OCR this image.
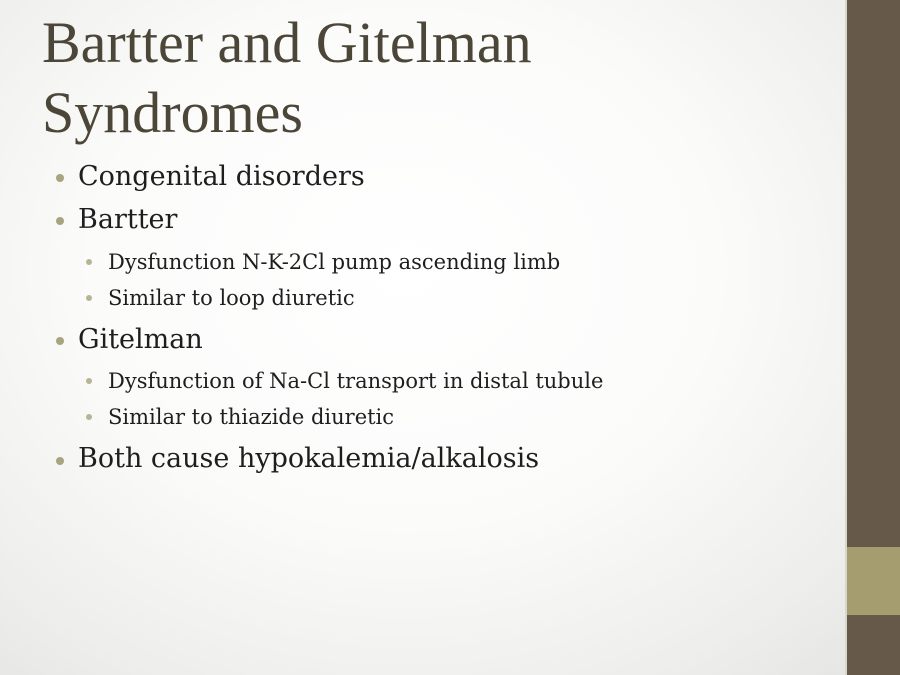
Bartter and Gitelman
Syndromes
Congenital disorders
Bartter
Dysfunction N-K-2Cl pump ascending limb
Similar to loop diuretic
Gitelman
Dysfunction of Na-Cl transport in distal tubule
Similar to thiazide diuretic
Both cause hypokalemia/alkalosis
